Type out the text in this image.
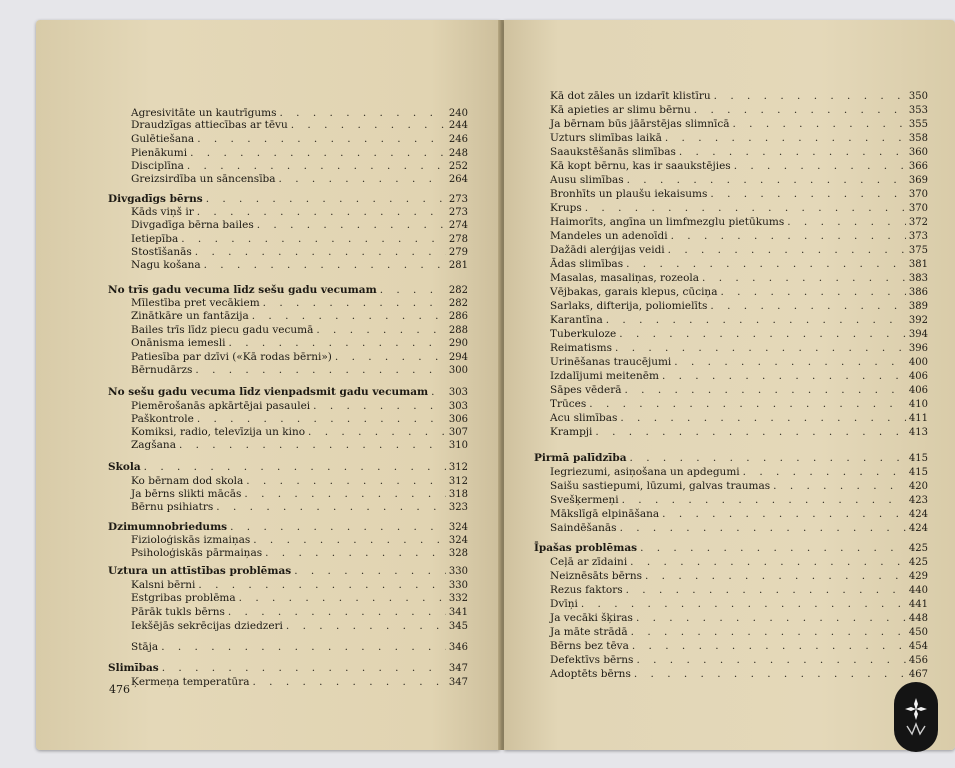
Agresivitāte un kautrīgums . . .	240
Draudzīgas attiecības ar tēvu . . .	244
Gulētiešana . . .	246
Pienākumi . . .	248
Disciplīna . . .	252
Greizsirdība un sāncensība . . .	264
Divgadīgs bērns . . .	273
Kāds viņš ir . . .	273
Divgadīga bērna bailes . . .	274
Ietiepība . . .	278
Stostīšanās . . .	279
Nagu košana . . .	281
No trīs gadu vecuma līdz sešu gadu vecumam . . .	282
Mīlestība pret vecākiem . . .	282
Zinātkāre un fantāzija . . .	286
Bailes trīs līdz piecu gadu vecumā . . .	288
Onānisma iemesli . . .	290
Patiesība par dzīvi («Kā rodas bērni») . . .	294
Bērnudārzs . . .	300
No sešu gadu vecuma līdz vienpadsmit gadu vecumam . . .	303
Piemērošanās apkārtējai pasaulei . . .	303
Paškontrole . . .	306
Komiksi, radio, televīzija un kino . . .	307
Zagšana . . .	310
Skola . . .	312
Ko bērnam dod skola . . .	312
Ja bērns slikti mācās . . .	318
Bērnu psihiatrs . . .	323
Dzimumnobriedums . . .	324
Fizioloģiskās izmaiņas . . .	324
Psiholoģiskās pārmaiņas . . .	328
Uztura un attīstības problēmas . . .	330
Kalsni bērni . . .	330
Estgribas problēma . . .	332
Pārāk tukls bērns . . .	341
Iekšējās sekrēcijas dziedzeri . . .	345
Stāja . . .	346
Slimības . . .	347
Ķermeņa temperatūra . . .	347
476
Kā dot zāles un izdarīt klistīru . . .	350
Kā apieties ar slimu bērnu . . .	353
Ja bērnam būs jāārstējas slimnīcā . . .	355
Uzturs slimības laikā . . .	358
Saaukstēšanās slimības . . .	360
Kā kopt bērnu, kas ir saaukstējies . . .	366
Ausu slimības . . .	369
Bronhīts un plaušu iekaisums . . .	370
Krups . . .	370
Haimorīts, angīna un limfmezglu pietūkums . . .	372
Mandeles un adenoīdi . . .	373
Dažādi alerģijas veidi . . .	375
Ādas slimības . . .	381
Masalas, masaliņas, rozeola . . .	383
Vējbakas, garais klepus, cūciņa . . .	386
Sarlaks, difterija, poliomielīts . . .	389
Karantīna . . .	392
Tuberkuloze . . .	394
Reimatisms . . .	396
Urinēšanas traucējumi . . .	400
Izdalījumi meitenēm . . .	406
Sāpes vēderā . . .	406
Trūces . . .	410
Acu slimības . . .	411
Krampji . . .	413
Pirmā palīdzība . . .	415
Iegriezumi, asiņošana un apdegumi . . .	415
Saišu sastiepumi, lūzumi, galvas traumas . . .	420
Svešķermeņi . . .	423
Mākslīgā elpināšana . . .	424
Saindēšanās . . .	424
Īpašas problēmas . . .	425
Ceļā ar zīdaini . . .	425
Neiznēsāts bērns . . .	429
Rezus faktors . . .	440
Dvīņi . . .	441
Ja vecāki šķiras . . .	448
Ja māte strādā . . .	450
Bērns bez tēva . . .	454
Defektīvs bērns . . .	456
Adoptēts bērns . . .	467
